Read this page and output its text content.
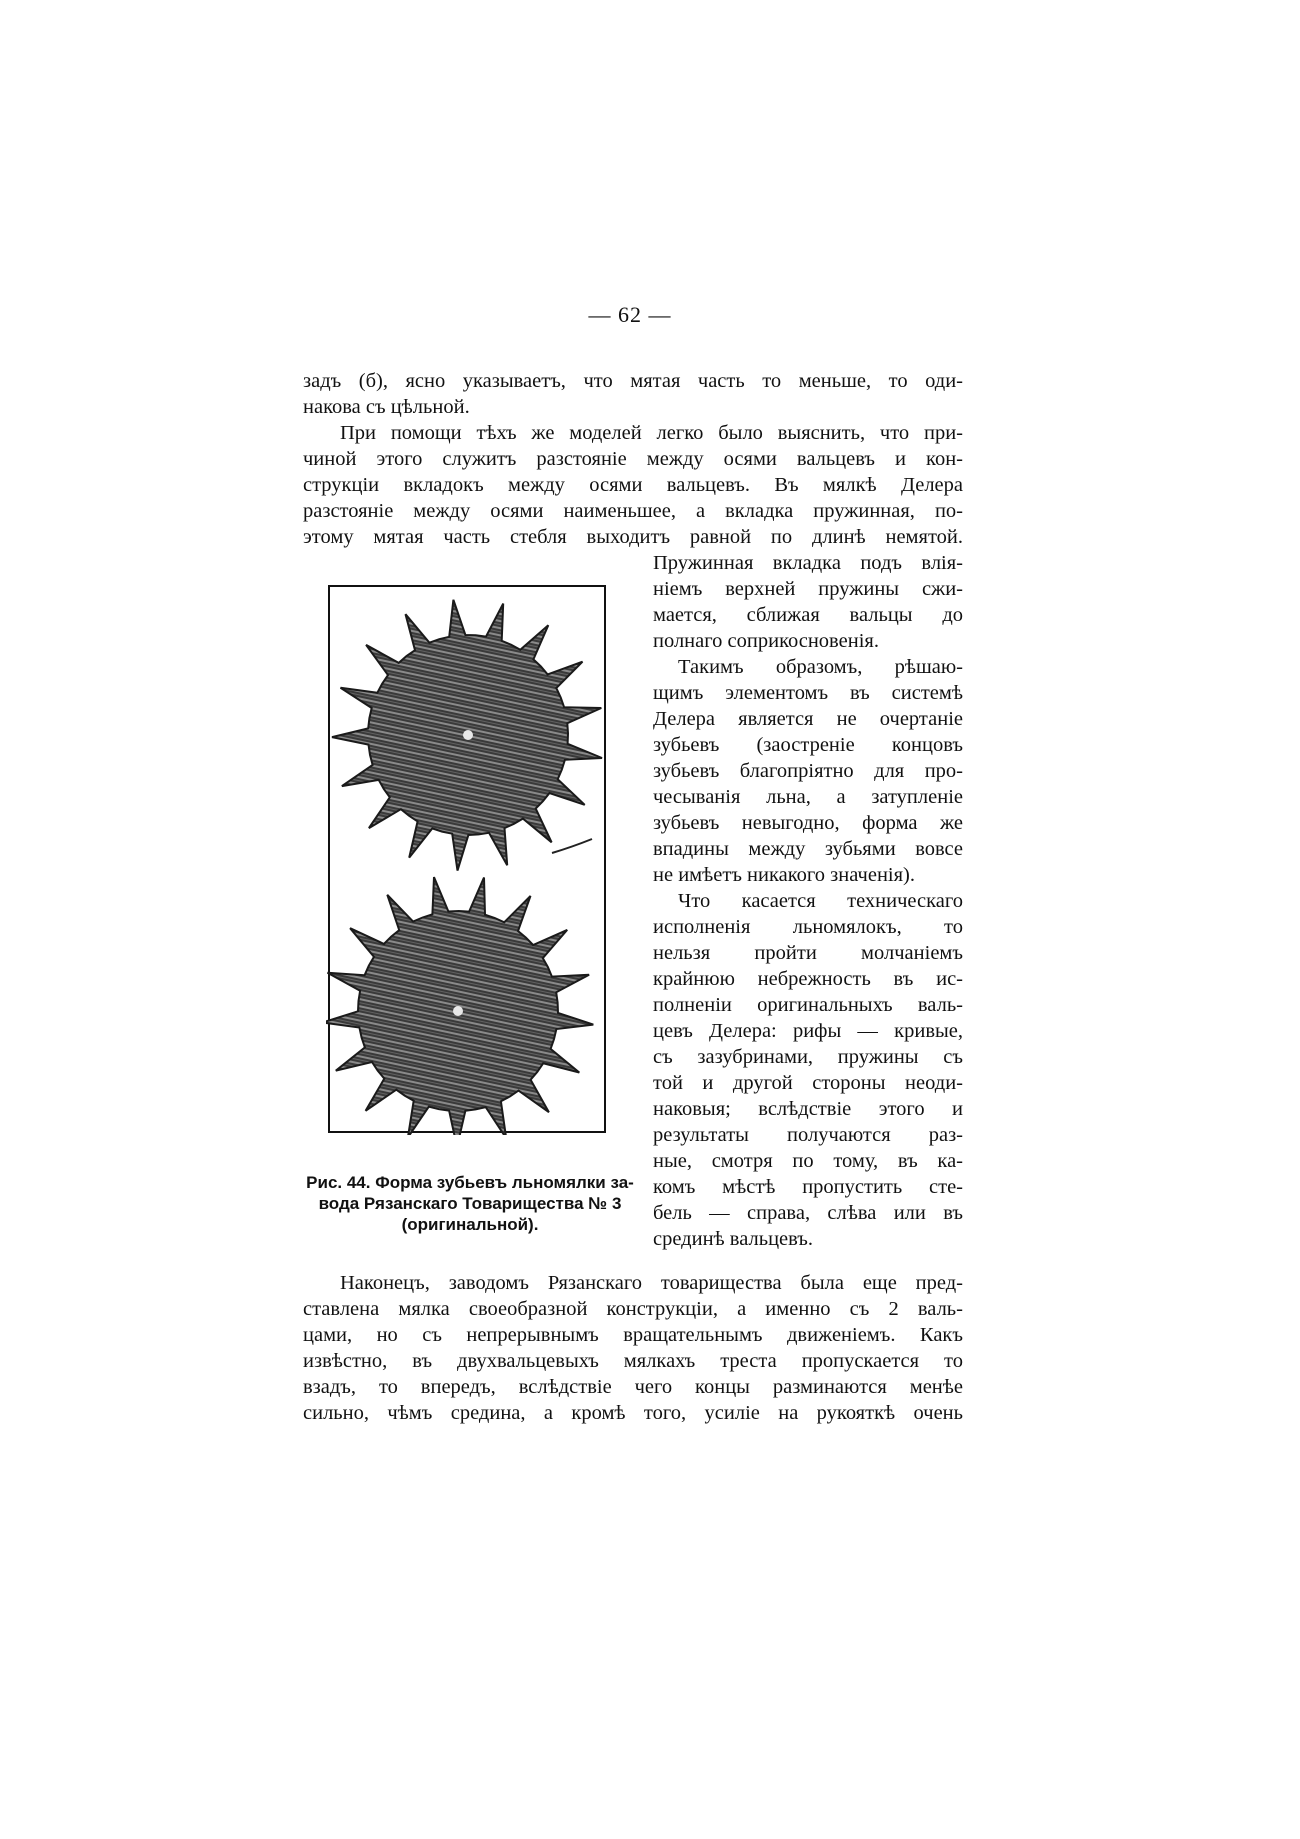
— 62 —
задъ (б), ясно указываетъ, что мятая часть то меньше, то оди-
накова съ цѣльной.
При помощи тѣхъ же моделей легко было выяснить, что при-
чиной этого служитъ разстояніе между осями вальцевъ и кон-
струкціи вкладокъ между осями вальцевъ. Въ мялкѣ Делера
разстояніе между осями наименьшее, а вкладка пружинная, по-
этому мятая часть стебля выходитъ равной по длинѣ немятой.
Пружинная вкладка подъ влія-
ніемъ верхней пружины сжи-
мается, сближая вальцы до
полнаго соприкосновенія.
Такимъ образомъ, рѣшаю-
щимъ элементомъ въ системѣ
Делера является не очертаніе
зубьевъ (заостреніе концовъ
зубьевъ благопріятно для про-
чесыванія льна, а затупленіе
зубьевъ невыгодно, форма же
впадины между зубьями вовсе
не имѣетъ никакого значенія).
Что касается техническаго
исполненія льномялокъ, то
нельзя пройти молчаніемъ
крайнюю небрежность въ ис-
полненіи оригинальныхъ валь-
цевъ Делера: рифы — кривые,
съ зазубринами, пружины съ
той и другой стороны неоди-
наковыя; вслѣдствіе этого и
результаты получаются раз-
ные, смотря по тому, въ ка-
комъ мѣстѣ пропустить сте-
бель — справа, слѣва или въ
срединѣ вальцевъ.
Рис. 44. Форма зубьевъ льномялки за-
вода Рязанскаго Товарищества № 3
(оригинальной).
Наконецъ, заводомъ Рязанскаго товарищества была еще пред-
ставлена мялка своеобразной конструкціи, а именно съ 2 валь-
цами, но съ непрерывнымъ вращательнымъ движеніемъ. Какъ
извѣстно, въ двухвальцевыхъ мялкахъ треста пропускается то
взадъ, то впередъ, вслѣдствіе чего концы разминаются менѣе
сильно, чѣмъ средина, а кромѣ того, усиліе на рукояткѣ очень
